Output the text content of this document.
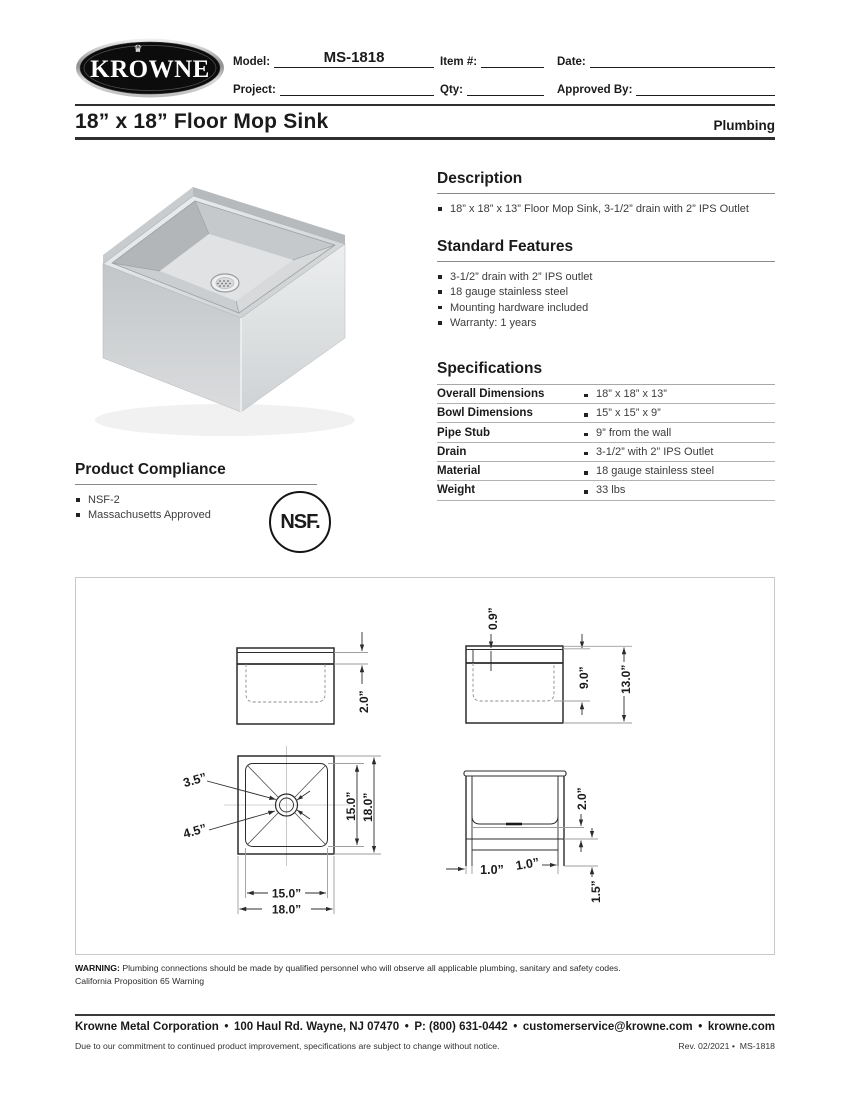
♛
KROWNE Model:	MS-1818	Item #:	Date:
Project:	Qty:	Approved By:
18” x 18” Floor Mop Sink	Plumbing
Description
18” x 18” x 13” Floor Mop Sink, 3-1/2” drain with 2” IPS Outlet
Standard Features
3-1/2” drain with 2” IPS outlet
18 gauge stainless steel
Mounting hardware included
Warranty: 1 years
Specifications
Overall Dimensions	18” x 18” x 13”
Bowl Dimensions	15” x 15” x 9”
Pipe Stub	9” from the wall
Drain	3-1/2” with 2” IPS Outlet
Material	18 gauge stainless steel
Weight	33 lbs
Product Compliance
NSF-2
Massachusetts Approved	NSF.
2.0”
0.9”
9.0” 13.0”
3.5”
4.5”
15.0” 18.0”
15.0”
18.0”
2.0”
1.5”
1.0” 1.0”
WARNING: Plumbing connections should be made by qualified personnel who will observe all applicable plumbing, sanitary and safety codes.
California Proposition 65 Warning
Krowne Metal Corporation • 100 Haul Rd. Wayne, NJ 07470 • P: (800) 631-0442 • customerservice@krowne.com • krowne.com
Due to our commitment to continued product improvement, specifications are subject to change without notice.	Rev. 02/2021 • MS-1818
